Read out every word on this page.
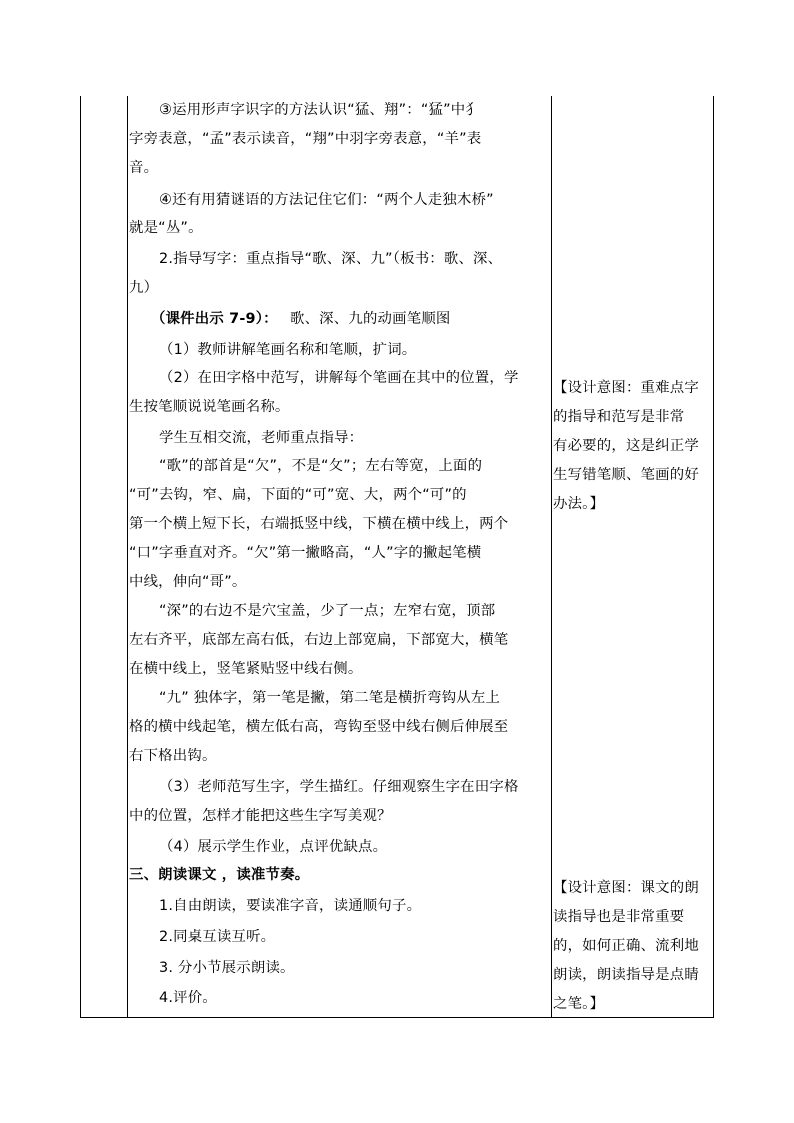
③运用形声字识字的方法认识“猛、翔”：“猛”中犭
字旁表意，“孟”表示读音，“翔”中羽字旁表意，“羊”表
音。
④还有用猜谜语的方法记住它们：“两个人走独木桥”
就是“丛”。
2.指导写字：重点指导“歌、深、九”（板书：歌、深、
九）
（课件出示 7-9）： 歌、深、九的动画笔顺图
（1）教师讲解笔画名称和笔顺，扩词。
（2）在田字格中范写，讲解每个笔画在其中的位置，学
生按笔顺说说笔画名称。
学生互相交流，老师重点指导：
“歌”的部首是“欠”，不是“攵”；左右等宽，上面的
“可”去钩，窄、扁，下面的“可”宽、大，两个“可”的
第一个横上短下长，右端抵竖中线，下横在横中线上，两个
“口”字垂直对齐。“欠”第一撇略高，“人”字的撇起笔横
中线，伸向“哥”。
“深”的右边不是穴宝盖，少了一点；左窄右宽，顶部
左右齐平，底部左高右低，右边上部宽扁，下部宽大，横笔
在横中线上，竖笔紧贴竖中线右侧。
“九” 独体字，第一笔是撇，第二笔是横折弯钩从左上
格的横中线起笔，横左低右高，弯钩至竖中线右侧后伸展至
右下格出钩。
（3）老师范写生字，学生描红。仔细观察生字在田字格
中的位置，怎样才能把这些生字写美观？
（4）展示学生作业，点评优缺点。
三、朗读课文 ，读准节奏。
1.自由朗读，要读准字音，读通顺句子。
2.同桌互读互听。
3. 分小节展示朗读。
4.评价。
【设计意图：重难点字
的指导和范写是非常
有必要的，这是纠正学
生写错笔顺、笔画的好
办法。】
【设计意图：课文的朗
读指导也是非常重要
的，如何正确、流利地
朗读，朗读指导是点睛
之笔。】
